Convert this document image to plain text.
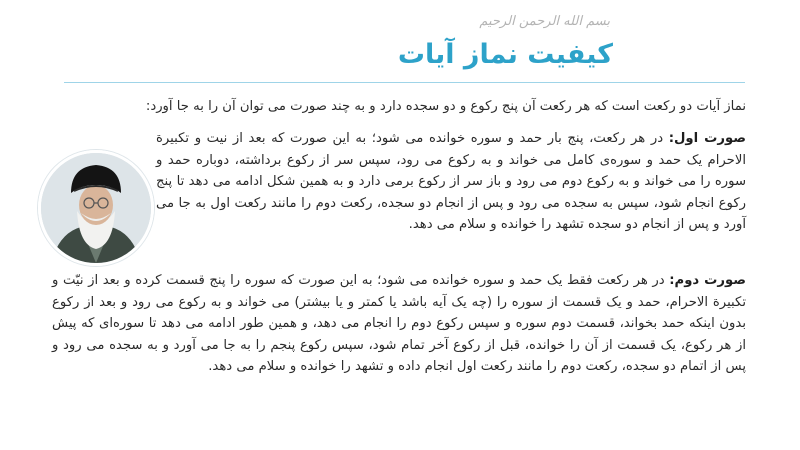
بسم الله الرحمن الرحیم
کیفیت نماز آیات

نماز آیات دو رکعت است که هر رکعت آن پنج رکوع و دو سجده دارد و به چند صورت می توان آن را به جا آورد:

صورت اول: در هر رکعت، پنج بار حمد و سوره خوانده می شود؛ به این صورت که بعد از نیت و تکبیرة الاحرام یک حمد و سوره‌ی کامل می خواند و به رکوع می رود، سپس سر از رکوع برداشته، دوباره حمد و سوره را می خواند و به رکوع دوم می رود و باز سر از رکوع برمی دارد و به همین شکل ادامه می دهد تا پنج رکوع انجام شود، سپس به سجده می رود و پس از انجام دو سجده، رکعت دوم را مانند رکعت اول به جا می آورد و پس از انجام دو سجده تشهد را خوانده و سلام می دهد.

صورت دوم: در هر رکعت فقط یک حمد و سوره خوانده می شود؛ به این صورت که سوره را پنج قسمت کرده و بعد از نیّت و تکبیرة الاحرام، حمد و یک قسمت از سوره را (چه یک آیه باشد یا کمتر و یا بیشتر) می خواند و به رکوع می رود و بعد از رکوع بدون اینکه حمد بخواند، قسمت دوم سوره و سپس رکوع دوم را انجام می دهد، و همین طور ادامه می دهد تا سوره‌ای که پیش از هر رکوع، یک قسمت از آن را خوانده، قبل از رکوع آخر تمام شود، سپس رکوع پنجم را به جا می آورد و به سجده می رود و پس از اتمام دو سجده، رکعت دوم را مانند رکعت اول انجام داده و تشهد را خوانده و سلام می دهد.
